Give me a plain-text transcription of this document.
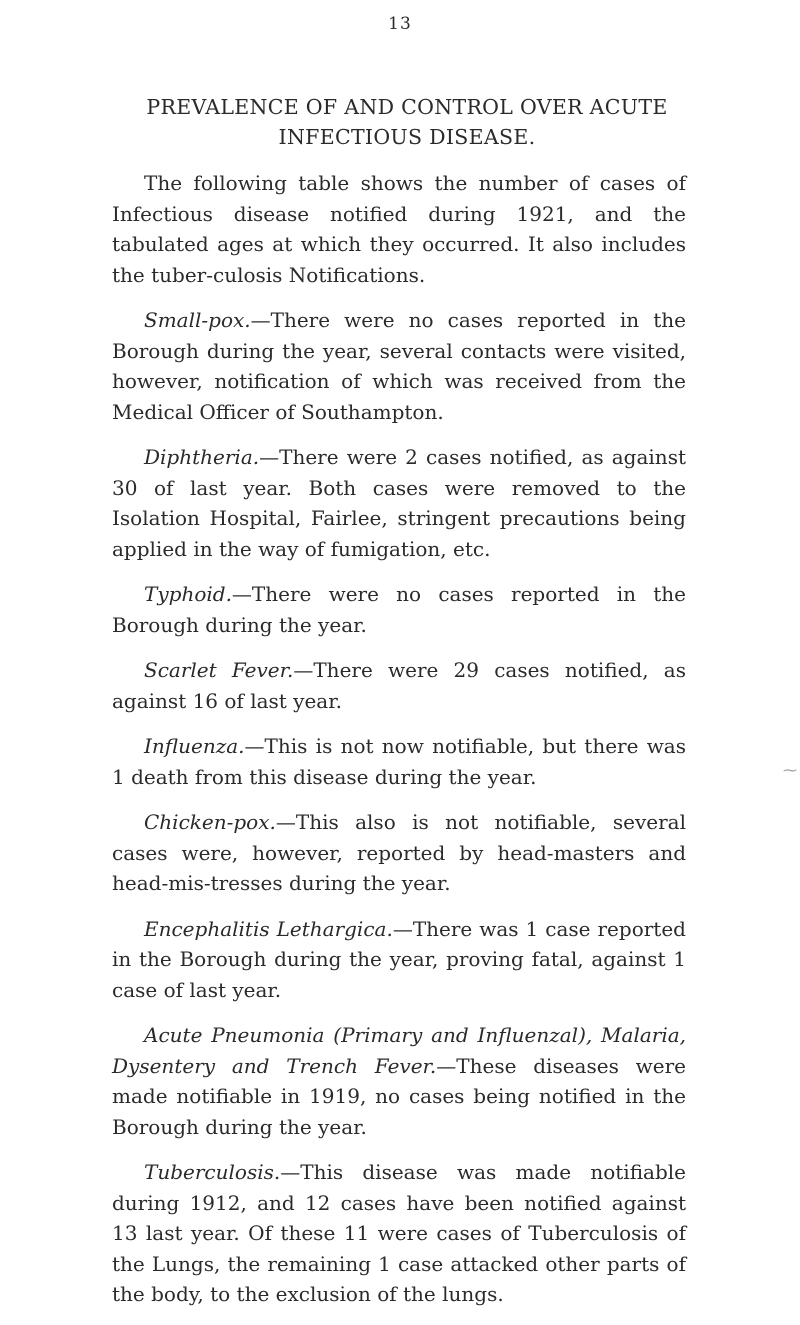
13
PREVALENCE OF AND CONTROL OVER ACUTE
INFECTIOUS DISEASE.

The following table shows the number of cases of Infectious disease notified during 1921, and the tabulated ages at which they occurred. It also includes the tuber-culosis Notifications.

Small-pox.—There were no cases reported in the Borough during the year, several contacts were visited, however, notification of which was received from the Medical Officer of Southampton.

Diphtheria.—There were 2 cases notified, as against 30 of last year. Both cases were removed to the Isolation Hospital, Fairlee, stringent precautions being applied in the way of fumigation, etc.

Typhoid.—There were no cases reported in the Borough during the year.

Scarlet Fever.—There were 29 cases notified, as against 16 of last year.

Influenza.—This is not now notifiable, but there was 1 death from this disease during the year.

Chicken-pox.—This also is not notifiable, several cases were, however, reported by head-masters and head-mis-tresses during the year.

Encephalitis Lethargica.—There was 1 case reported in the Borough during the year, proving fatal, against 1 case of last year.

Acute Pneumonia (Primary and Influenzal), Malaria, Dysentery and Trench Fever.—These diseases were made notifiable in 1919, no cases being notified in the Borough during the year.

Tuberculosis.—This disease was made notifiable during 1912, and 12 cases have been notified against 13 last year. Of these 11 were cases of Tuberculosis of the Lungs, the remaining 1 case attacked other parts of the body, to the exclusion of the lungs.

⁓
